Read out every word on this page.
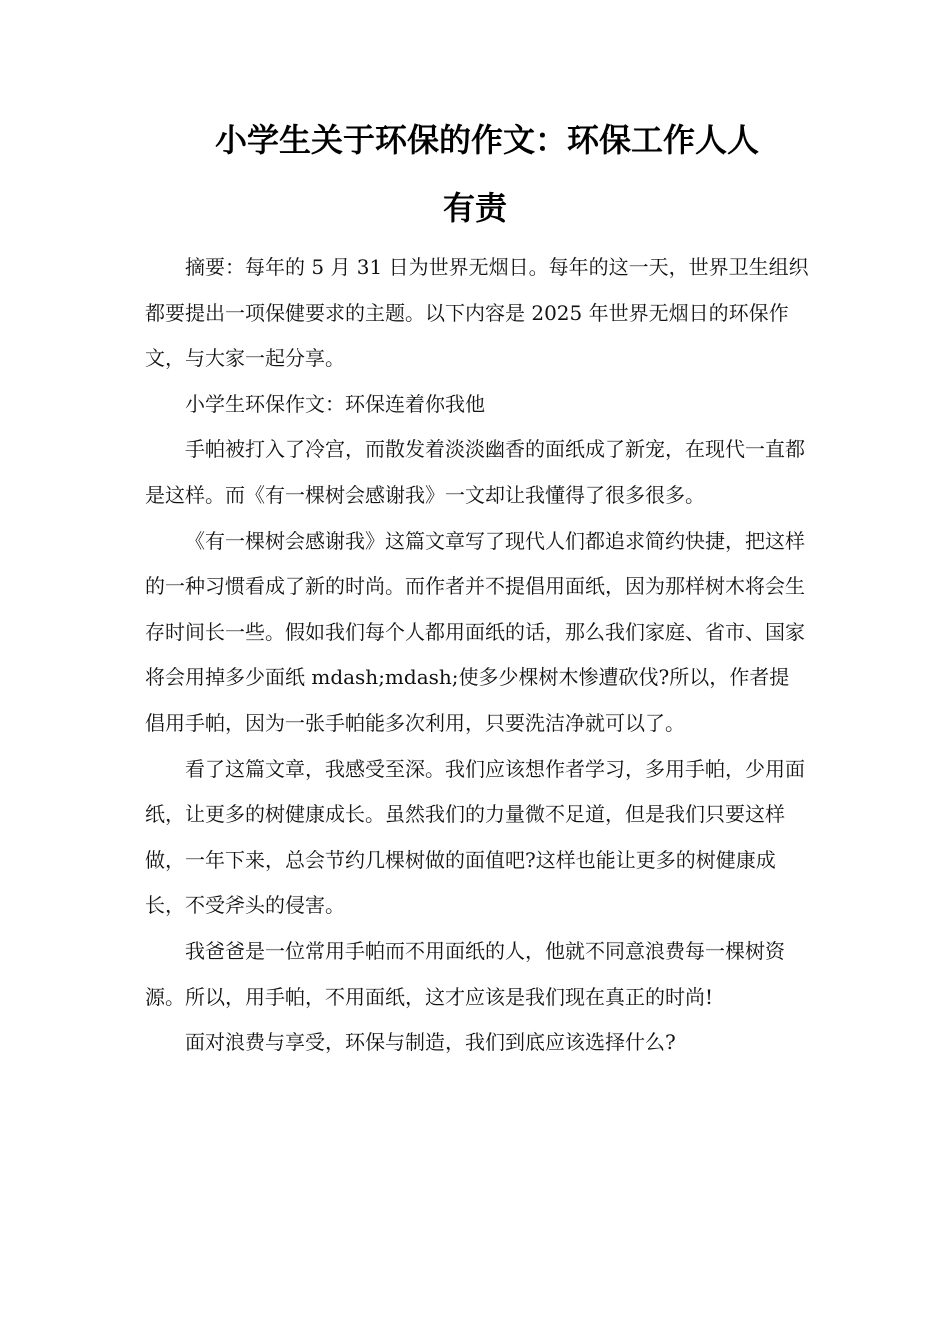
小学生关于环保的作文：环保工作人人
有责

摘要：每年的 5 月 31 日为世界无烟日。每年的这一天，世界卫生组织都要提出一项保健要求的主题。以下内容是 2025 年世界无烟日的环保作文，与大家一起分享。

小学生环保作文：环保连着你我他

手帕被打入了冷宫，而散发着淡淡幽香的面纸成了新宠，在现代一直都是这样。而《有一棵树会感谢我》一文却让我懂得了很多很多。

《有一棵树会感谢我》这篇文章写了现代人们都追求简约快捷，把这样的一种习惯看成了新的时尚。而作者并不提倡用面纸，因为那样树木将会生存时间长一些。假如我们每个人都用面纸的话，那么我们家庭、省市、国家将会用掉多少面纸 mdash;mdash;使多少棵树木惨遭砍伐?所以，作者提倡用手帕，因为一张手帕能多次利用，只要洗洁净就可以了。

看了这篇文章，我感受至深。我们应该想作者学习，多用手帕，少用面纸，让更多的树健康成长。虽然我们的力量微不足道，但是我们只要这样做，一年下来，总会节约几棵树做的面值吧?这样也能让更多的树健康成长，不受斧头的侵害。

我爸爸是一位常用手帕而不用面纸的人，他就不同意浪费每一棵树资源。所以，用手帕，不用面纸，这才应该是我们现在真正的时尚!

面对浪费与享受，环保与制造，我们到底应该选择什么?
